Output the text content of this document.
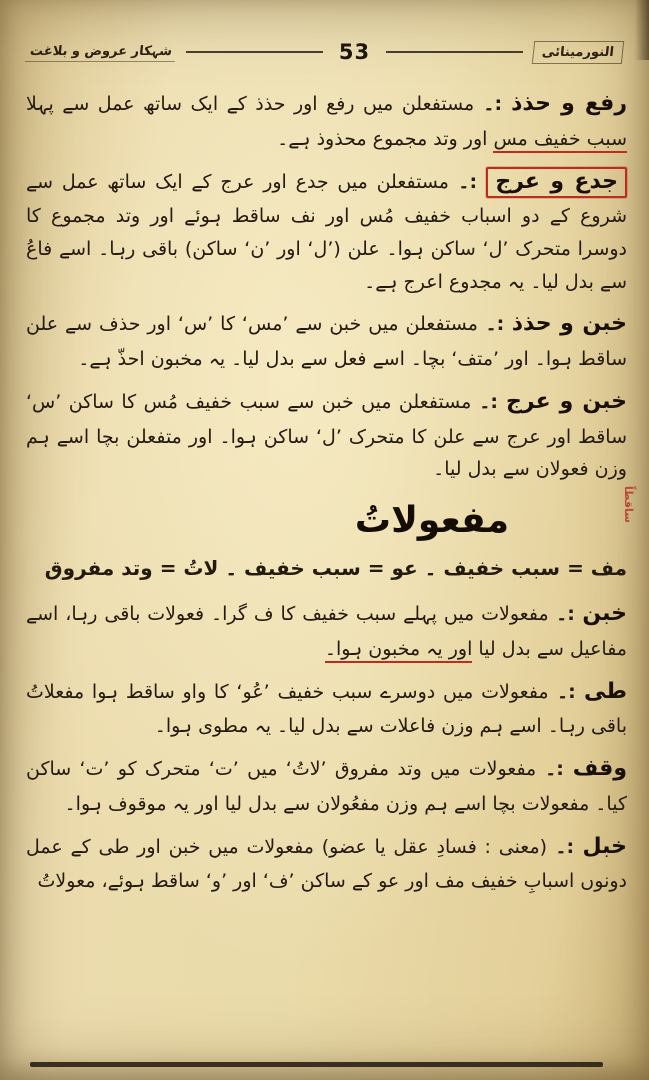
النورمینائی
53
شہکار عروض و بلاغت

رفع و حذذ :۔ مستفعلن میں رفع اور حذذ کے ایک ساتھ عمل سے پہلا سبب خفیف مس اور وتد مجموع محذوذ ہے۔

جدع و عرج :۔ مستفعلن میں جدع اور عرج کے ایک ساتھ عمل سے شروع کے دو اسباب خفیف مُس اور نف ساقط ہوئے اور وتد مجموع کا دوسرا متحرک ’ل‘ ساکن ہوا۔ علن (’ل‘ اور ’ن‘ ساکن) باقی رہا۔ اسے فاعُ سے بدل لیا۔ یہ مجدوع اعرج ہے۔

خبن و حذذ :۔ مستفعلن میں خبن سے ’مس‘ کا ’س‘ اور حذف سے علن ساقط ہوا۔ اور ’متف‘ بچا۔ اسے فعل سے بدل لیا۔ یہ مخبون احذّ ہے۔

خبن و عرج :۔ مستفعلن میں خبن سے سبب خفیف مُس کا ساکن ’س‘ ساقط اور عرج سے علن کا متحرک ’ل‘ ساکن ہوا۔ اور متفعلن بچا اسے ہم وزن فعولان سے بدل لیا۔

مفعولاتُ

مف = سبب خفیف ۔ عو = سبب خفیف ۔ لاتُ = وتد مفروق

خبن :۔ مفعولات میں پہلے سبب خفیف کا ف گرا۔ فعولات باقی رہا، اسے مفاعیل سے بدل لیا اور یہ مخبون ہوا۔

طی :۔ مفعولات میں دوسرے سبب خفیف ’عُو‘ کا واو ساقط ہوا مفعلاتُ باقی رہا۔ اسے ہم وزن فاعلات سے بدل لیا۔ یہ مطوی ہوا۔

وقف :۔ مفعولات میں وتد مفروق ’لاتُ‘ میں ’ت‘ متحرک کو ’ت‘ ساکن کیا۔ مفعولات بچا اسے ہم وزن مفعُولان سے بدل لیا اور یہ موقوف ہوا۔

خبل :۔ (معنی : فسادِ عقل یا عضو) مفعولات میں خبن اور طی کے عمل دونوں اسبابِ خفیف مف اور عو کے ساکن ’ف‘ اور ’و‘ ساقط ہوئے، معولاتُ

ساقطاً
